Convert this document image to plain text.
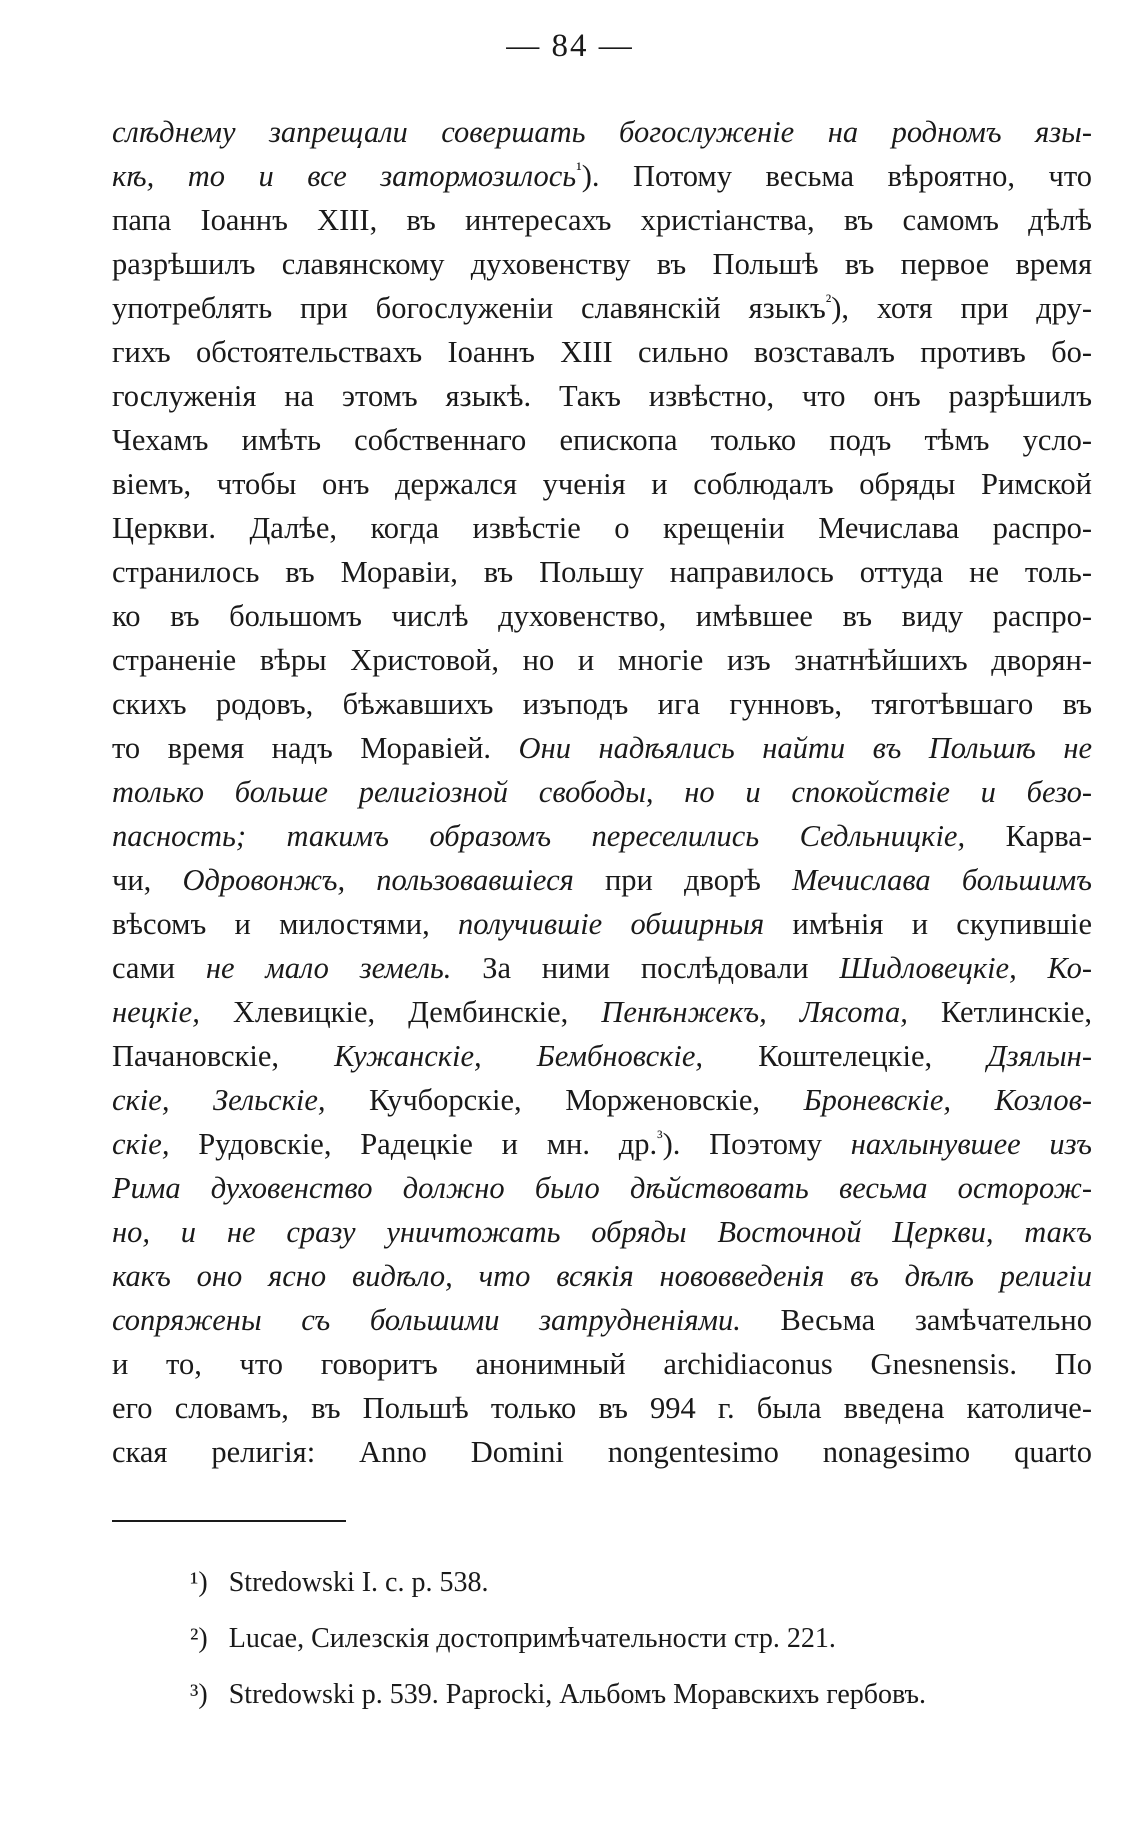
— 84 —
слѣднему запрещали совершать богослуженіе на родномъ язы-
кѣ, то и все затормозилось$^{^1}$). Потому весьма вѣроятно, что
папа Іоаннъ XIII, въ интересахъ христіанства, въ самомъ дѣлѣ
разрѣшилъ славянскому духовенству въ Польшѣ въ первое время
употреблять при богослуженіи славянскій языкъ$^{^2}$), хотя при дру-
гихъ обстоятельствахъ Іоаннъ XIII сильно возставалъ противъ бо-
гослуженія на этомъ языкѣ. Такъ извѣстно, что онъ разрѣшилъ
Чехамъ имѣть собственнаго епископа только подъ тѣмъ усло-
віемъ, чтобы онъ держался ученія и соблюдалъ обряды Римской
Церкви. Далѣе, когда извѣстіе о крещеніи Мечислава распро-
странилось въ Моравіи, въ Польшу направилось оттуда не толь-
ко въ большомъ числѣ духовенство, имѣвшее въ виду распро-
страненіе вѣры Христовой, но и многіе изъ знатнѣйшихъ дворян-
скихъ родовъ, бѣжавшихъ изъподъ ига гунновъ, тяготѣвшаго въ
то время надъ Моравіей. Они надѣялись найти въ Польшѣ не
только больше религіозной свободы, но и спокойствіе и безо-
пасность; такимъ образомъ переселились Седльницкіе, Карва-
чи, Одровонжъ, пользовавшіеся при дворѣ Мечислава большимъ
вѣсомъ и милостями, получившіе обширныя имѣнія и скупившіе
сами не мало земель. За ними послѣдовали Шидловецкіе, Ко-
нецкіе, Хлевицкіе, Дембинскіе, Пенѣнжекъ, Лясота, Кетлинскіе,
Пачановскіе, Кужанскіе, Бембновскіе, Коштелецкіе, Дзялын-
скіе, Зельскіе, Кучборскіе, Морженовскіе, Броневскіе, Козлов-
скіе, Рудовскіе, Радецкіе и мн. др.$^{^3}$). Поэтому нахлынувшее изъ
Рима духовенство должно было дѣйствовать весьма осторож-
но, и не сразу уничтожать обряды Восточной Церкви, такъ
какъ оно ясно видѣло, что всякія нововведенія въ дѣлѣ религіи
сопряжены съ большими затрудненіями. Весьма замѣчательно
и то, что говоритъ анонимный archidiaconus Gnesnensis. По
его словамъ, въ Польшѣ только въ 994 г. была введена католиче-
ская религія: Anno Domini nongentesimo nonagesimo quarto
¹) Stredowski I. c. p. 538.
²) Lucae, Силезскія достопримѣчательности стр. 221.
³) Stredowski p. 539. Paprocki, Альбомъ Моравскихъ гербовъ.
